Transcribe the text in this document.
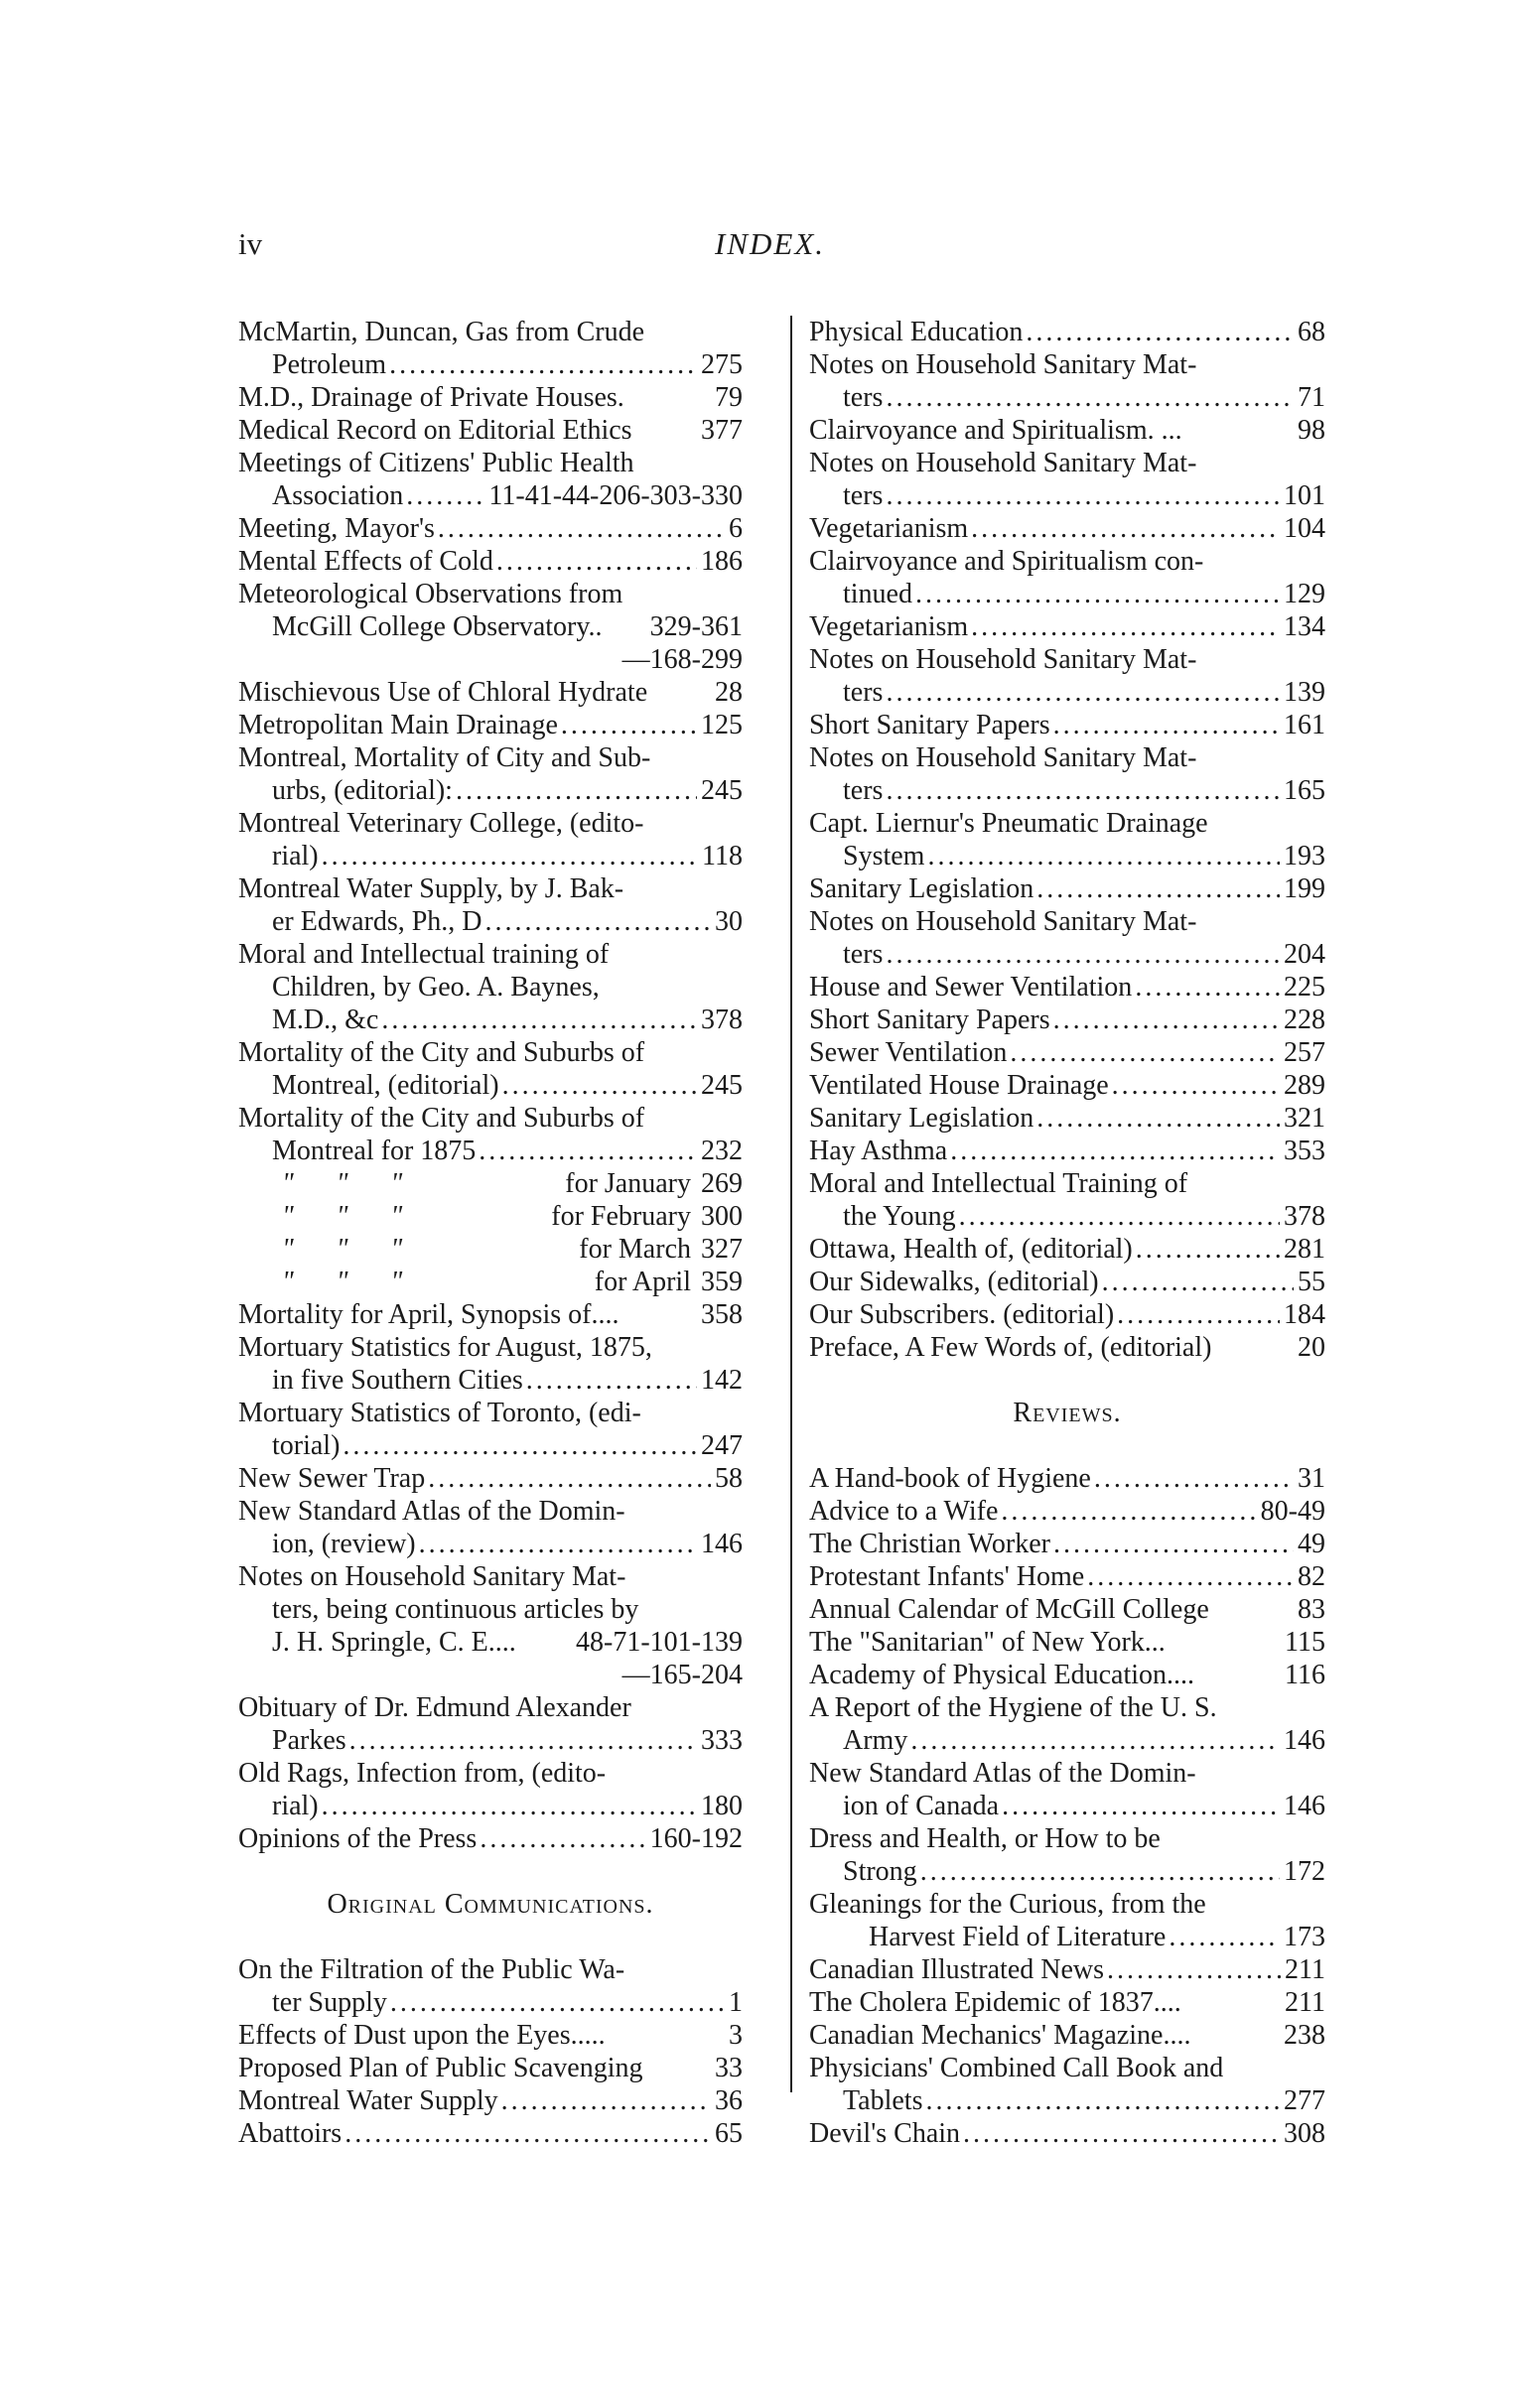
iv	INDEX.
McMartin, Duncan, Gas from Crude
Petroleum .....	275
M.D., Drainage of Private Houses.	79
Medical Record on Editorial Ethics 377
Meetings of Citizens' Public Health
Association .....	11-41-44-206-303-330
Meeting, Mayor's .....	6
Mental Effects of Cold .....	186
Meteorological Observations from
McGill College Observatory.. 329-361
—168-299
Mischievous Use of Chloral Hydrate 28
Metropolitan Main Drainage .....	125
Montreal, Mortality of City and Sub-
urbs, (editorial): .....	245
Montreal Veterinary College, (edito-
rial) .....	118
Montreal Water Supply, by J. Bak-
er Edwards, Ph., D .....	30
Moral and Intellectual training of
Children, by Geo. A. Baynes,
M.D., &c .....	378
Mortality of the City and Suburbs of
Montreal, (editorial) .....	245
Mortality of the City and Suburbs of
Montreal for 1875 .....	232
" " "	for January 269
" " "	for February 300
" " "	for March 327
" " "	for April 359
Mortality for April, Synopsis of....	358
Mortuary Statistics for August, 1875,
in five Southern Cities .....	142
Mortuary Statistics of Toronto, (edi-
torial) .....	247
New Sewer Trap .....	58
New Standard Atlas of the Domin-
ion, (review) .....	146
Notes on Household Sanitary Mat-
ters, being continuous articles by
J. H. Springle, C. E.... 48-71-101-139
—165-204
Obituary of Dr. Edmund Alexander
Parkes .....	333
Old Rags, Infection from, (edito-
rial) .....	180
Opinions of the Press .....	160-192
Original Communications.
On the Filtration of the Public Wa-
ter Supply .....	1
Effects of Dust upon the Eyes.....	3
Proposed Plan of Public Scavenging	33
Montreal Water Supply .....	36
Abattoirs .....	65
Physical Education .....	68
Notes on Household Sanitary Mat-
ters .....	71
Clairvoyance and Spiritualism. ...	98
Notes on Household Sanitary Mat-
ters .....	101
Vegetarianism .....	104
Clairvoyance and Spiritualism con-
tinued .....	129
Vegetarianism .....	134
Notes on Household Sanitary Mat-
ters .....	139
Short Sanitary Papers .....	161
Notes on Household Sanitary Mat-
ters .....	165
Capt. Liernur's Pneumatic Drainage
System .....	193
Sanitary Legislation .....	199
Notes on Household Sanitary Mat-
ters .....	204
House and Sewer Ventilation .....	225
Short Sanitary Papers .....	228
Sewer Ventilation .....	257
Ventilated House Drainage .....	289
Sanitary Legislation .....	321
Hay Asthma .....	353
Moral and Intellectual Training of
the Young .....	378
Ottawa, Health of, (editorial) .....	281
Our Sidewalks, (editorial) .....	55
Our Subscribers. (editorial) .....	184
Preface, A Few Words of, (editorial)	20
Reviews.
A Hand-book of Hygiene .....	31
Advice to a Wife .....	80-49
The Christian Worker .....	49
Protestant Infants' Home .....	82
Annual Calendar of McGill College	83
The "Sanitarian" of New York...	115
Academy of Physical Education....	116
A Report of the Hygiene of the U. S.
Army .....	146
New Standard Atlas of the Domin-
ion of Canada .....	146
Dress and Health, or How to be
Strong .....	172
Gleanings for the Curious, from the
Harvest Field of Literature .....	173
Canadian Illustrated News .....	211
The Cholera Epidemic of 1837....	211
Canadian Mechanics' Magazine....	238
Physicians' Combined Call Book and
Tablets .....	277
Devil's Chain .....	308
